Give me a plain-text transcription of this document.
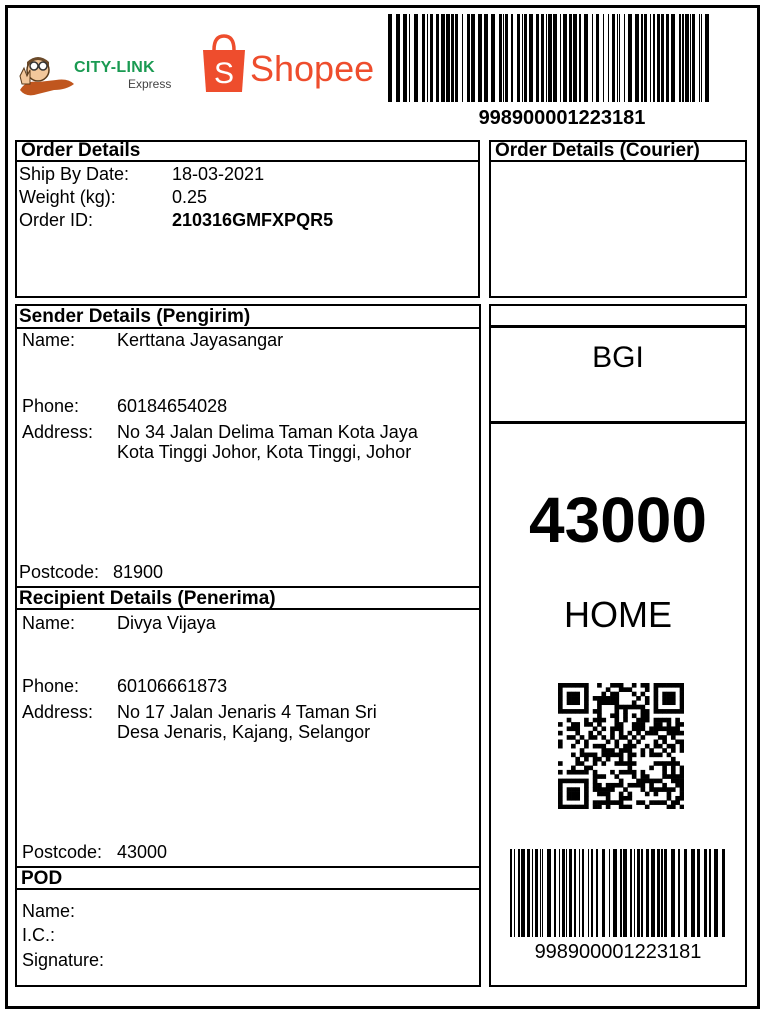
CITY-LINK
Express S Shopee
998900001223181
Order Details
Ship By Date: 18-03-2021
Weight (kg):	0.25
Order ID:	210316GMFXPQR5
Order Details (Courier)
Sender Details (Pengirim)
Name: Kerttana Jayasangar
Phone: 60184654028
Address: No 34 Jalan Delima Taman Kota Jaya
Kota Tinggi Johor, Kota Tinggi, Johor
Postcode: 81900
Recipient Details (Penerima)
Name: Divya Vijaya
Phone: 60106661873
Address: No 17 Jalan Jenaris 4 Taman Sri
Desa Jenaris, Kajang, Selangor
Postcode: 43000
POD
Name:
I.C.:
Signature:
BGI
43000
HOME
998900001223181
